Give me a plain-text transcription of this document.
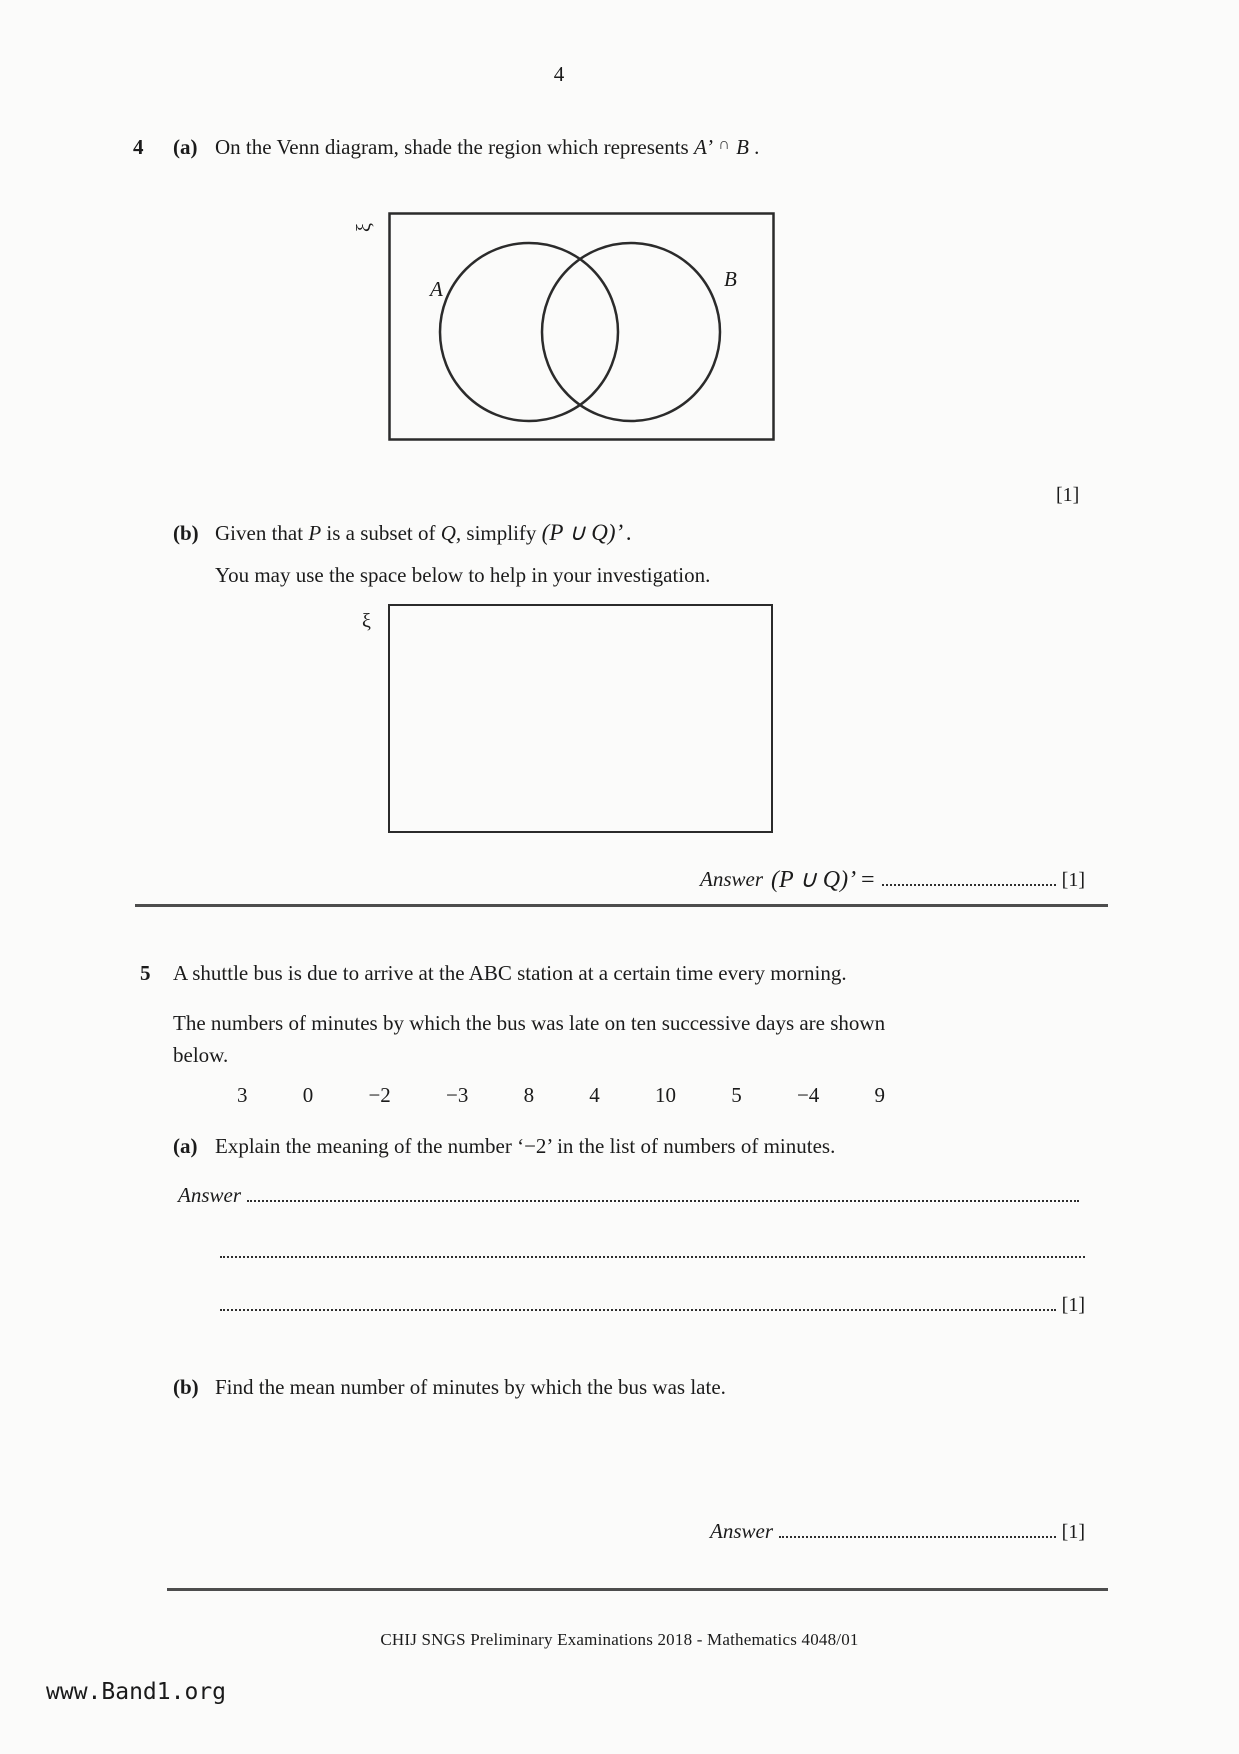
4
4 (a) On the Venn diagram, shade the region which represents A’ ∩ B .
ξ
A	B
[1]
(b) Given that P is a subset of Q, simplify (P ∪ Q)’ .
You may use the space below to help in your investigation.
ξ
Answer (P ∪ Q)’ =	[1]
5 A shuttle bus is due to arrive at the ABC station at a certain time every morning.
The numbers of minutes by which the bus was late on ten successive days are shown
below.
3	0	−2	−3	8	4	10	5	−4	9
(a) Explain the meaning of the number ‘−2’ in the list of numbers of minutes.
Answer
[1]
(b) Find the mean number of minutes by which the bus was late.
Answer	[1]
CHIJ SNGS Preliminary Examinations 2018 - Mathematics 4048/01
www.Band1.org
